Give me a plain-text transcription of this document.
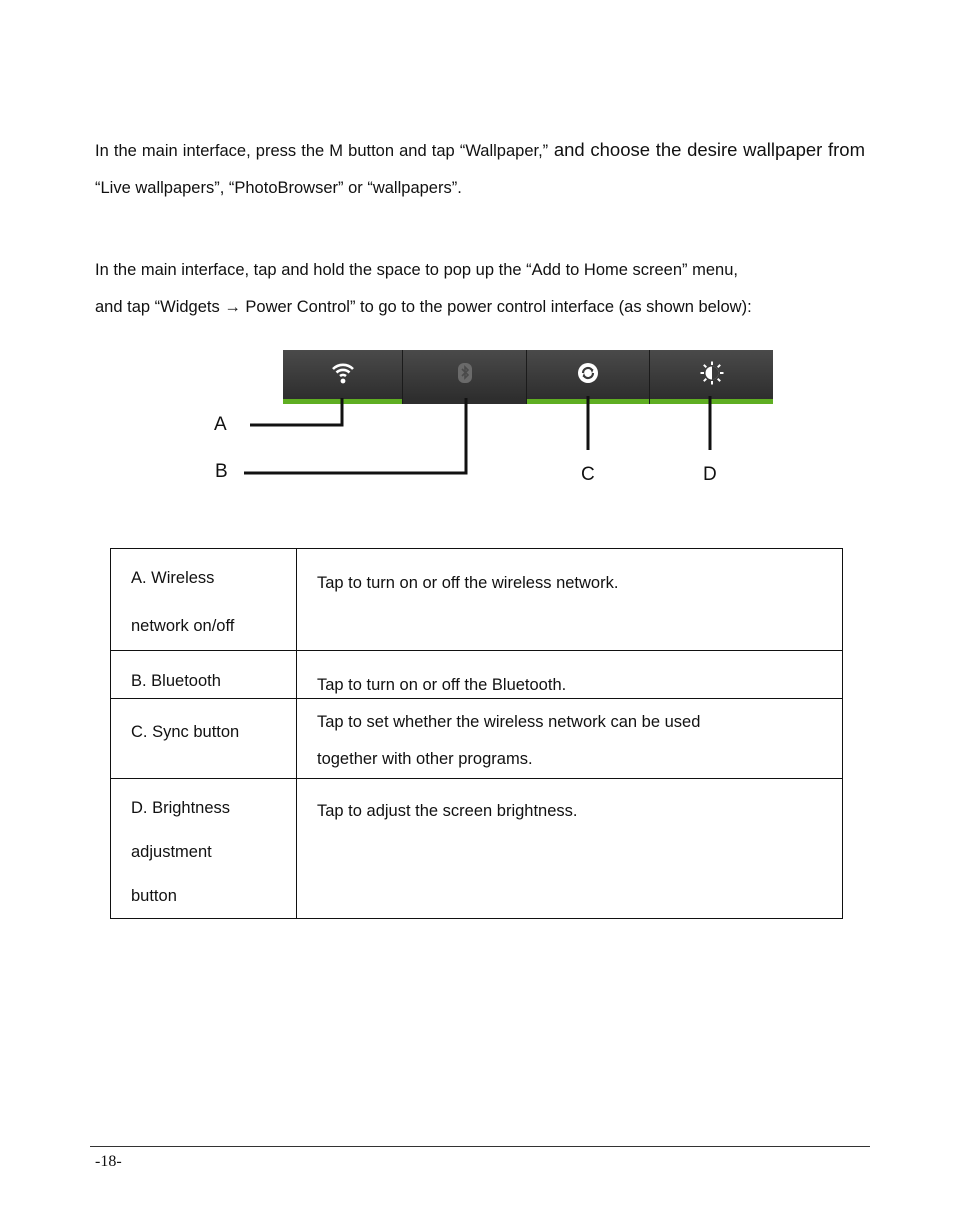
In the main interface, press the M button and tap “Wallpaper,” and choose the desire wallpaper from “Live wallpapers”, “PhotoBrowser” or “wallpapers”.

In the main interface, tap and hold the space to pop up the “Add to Home screen” menu,
and tap “Widgets → Power Control” to go to the power control interface (as shown below):

A
B	C	D
A. Wireless
network on/off	Tap to turn on or off the wireless network.

B. Bluetooth	Tap to turn on or off the Bluetooth.

C. Sync button	Tap to set whether the wireless network can be used
together with other programs.

D. Brightness
adjustment
button	Tap to adjust the screen brightness.
-18-
